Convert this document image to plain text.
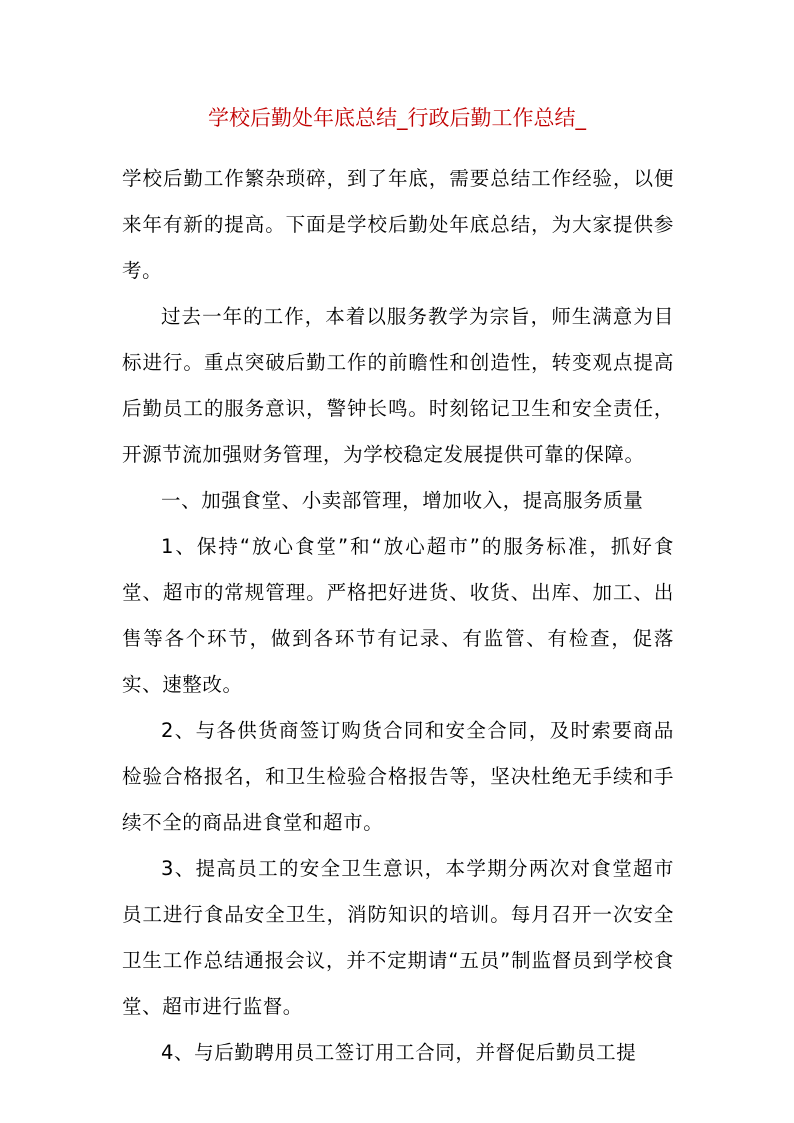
学校后勤处年底总结_行政后勤工作总结_

学校后勤工作繁杂琐碎，到了年底，需要总结工作经验，以便来年有新的提高。下面是学校后勤处年底总结，为大家提供参考。

过去一年的工作，本着以服务教学为宗旨，师生满意为目标进行。重点突破后勤工作的前瞻性和创造性，转变观点提高后勤员工的服务意识，警钟长鸣。时刻铭记卫生和安全责任，开源节流加强财务管理，为学校稳定发展提供可靠的保障。

一、加强食堂、小卖部管理，增加收入，提高服务质量

1、保持“放心食堂”和“放心超市”的服务标准，抓好食堂、超市的常规管理。严格把好进货、收货、出库、加工、出售等各个环节，做到各环节有记录、有监管、有检查，促落实、速整改。

2、与各供货商签订购货合同和安全合同，及时索要商品检验合格报名，和卫生检验合格报告等，坚决杜绝无手续和手续不全的商品进食堂和超市。

3、提高员工的安全卫生意识，本学期分两次对食堂超市员工进行食品安全卫生，消防知识的培训。每月召开一次安全卫生工作总结通报会议，并不定期请“五员”制监督员到学校食堂、超市进行监督。

4、与后勤聘用员工签订用工合同，并督促后勤员工提
